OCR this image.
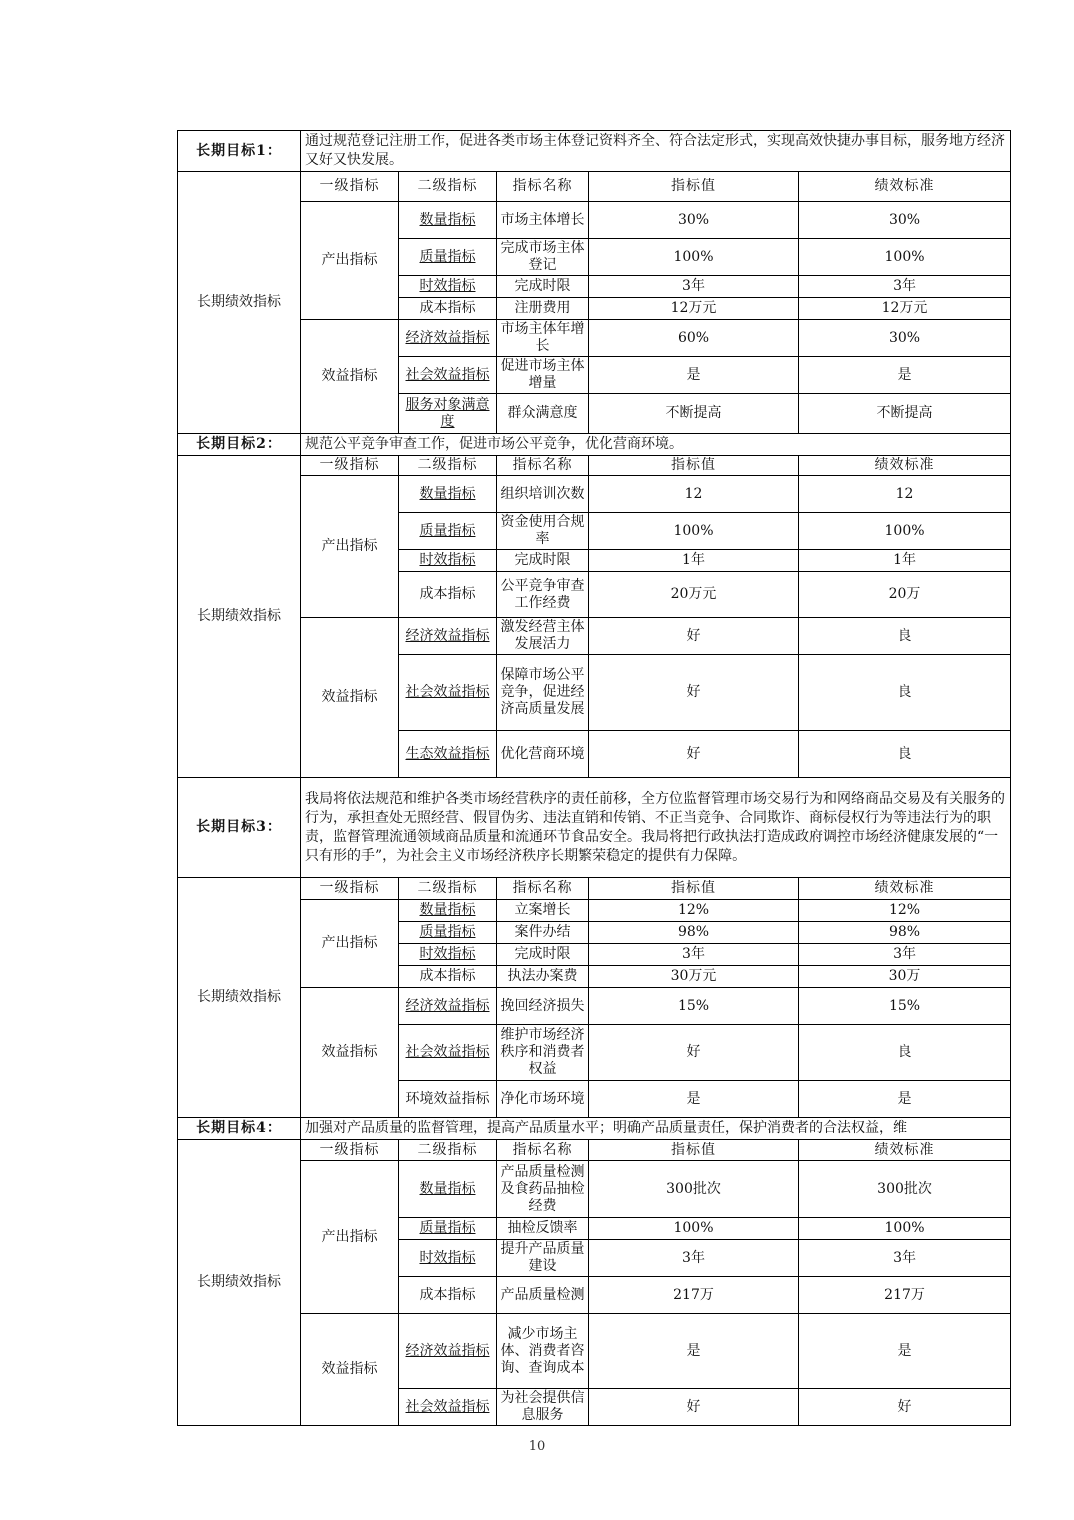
长期目标1：	通过规范登记注册工作，促进各类市场主体登记资料齐全、符合法定形式，实现高效快捷办事目标，服务地方经济又好又快发展。				
长期绩效指标	一级指标	二级指标	指标名称	指标值	绩效标准
	产出指标	数量指标	市场主体增长	30%	30%
		质量指标	完成市场主体登记	100%	100%
		时效指标	完成时限	3年	3年
		成本指标	注册费用	12万元	12万元
	效益指标	经济效益指标	市场主体年增长	60%	30%
		社会效益指标	促进市场主体增量	是	是
		服务对象满意度	群众满意度	不断提高	不断提高
长期目标2：	规范公平竞争审查工作，促进市场公平竞争，优化营商环境。				
长期绩效指标	一级指标	二级指标	指标名称	指标值	绩效标准
	产出指标	数量指标	组织培训次数	12	12
		质量指标	资金使用合规率	100%	100%
		时效指标	完成时限	1年	1年
		成本指标	公平竞争审查工作经费	20万元	20万
	效益指标	经济效益指标	激发经营主体发展活力	好	良
		社会效益指标	保障市场公平竞争，促进经济高质量发展	好	良
		生态效益指标	优化营商环境	好	良
长期目标3：	我局将依法规范和维护各类市场经营秩序的责任前移，全方位监督管理市场交易行为和网络商品交易及有关服务的行为，承担查处无照经营、假冒伪劣、违法直销和传销、不正当竞争、合同欺诈、商标侵权行为等违法行为的职责，监督管理流通领域商品质量和流通环节食品安全。我局将把行政执法打造成政府调控市场经济健康发展的“一只有形的手”，为社会主义市场经济秩序长期繁荣稳定的提供有力保障。				
长期绩效指标	一级指标	二级指标	指标名称	指标值	绩效标准
	产出指标	数量指标	立案增长	12%	12%
		质量指标	案件办结	98%	98%
		时效指标	完成时限	3年	3年
		成本指标	执法办案费	30万元	30万
	效益指标	经济效益指标	挽回经济损失	15%	15%
		社会效益指标	维护市场经济秩序和消费者权益	好	良
		环境效益指标	净化市场环境	是	是
长期目标4：	加强对产品质量的监督管理，提高产品质量水平；明确产品质量责任，保护消费者的合法权益，维				
长期绩效指标	一级指标	二级指标	指标名称	指标值	绩效标准
	产出指标	数量指标	产品质量检测及食药品抽检经费	300批次	300批次
		质量指标	抽检反馈率	100%	100%
		时效指标	提升产品质量建设	3年	3年
		成本指标	产品质量检测	217万	217万
	效益指标	经济效益指标	减少市场主体、消费者咨询、查询成本	是	是
		社会效益指标	为社会提供信息服务	好	好
10
